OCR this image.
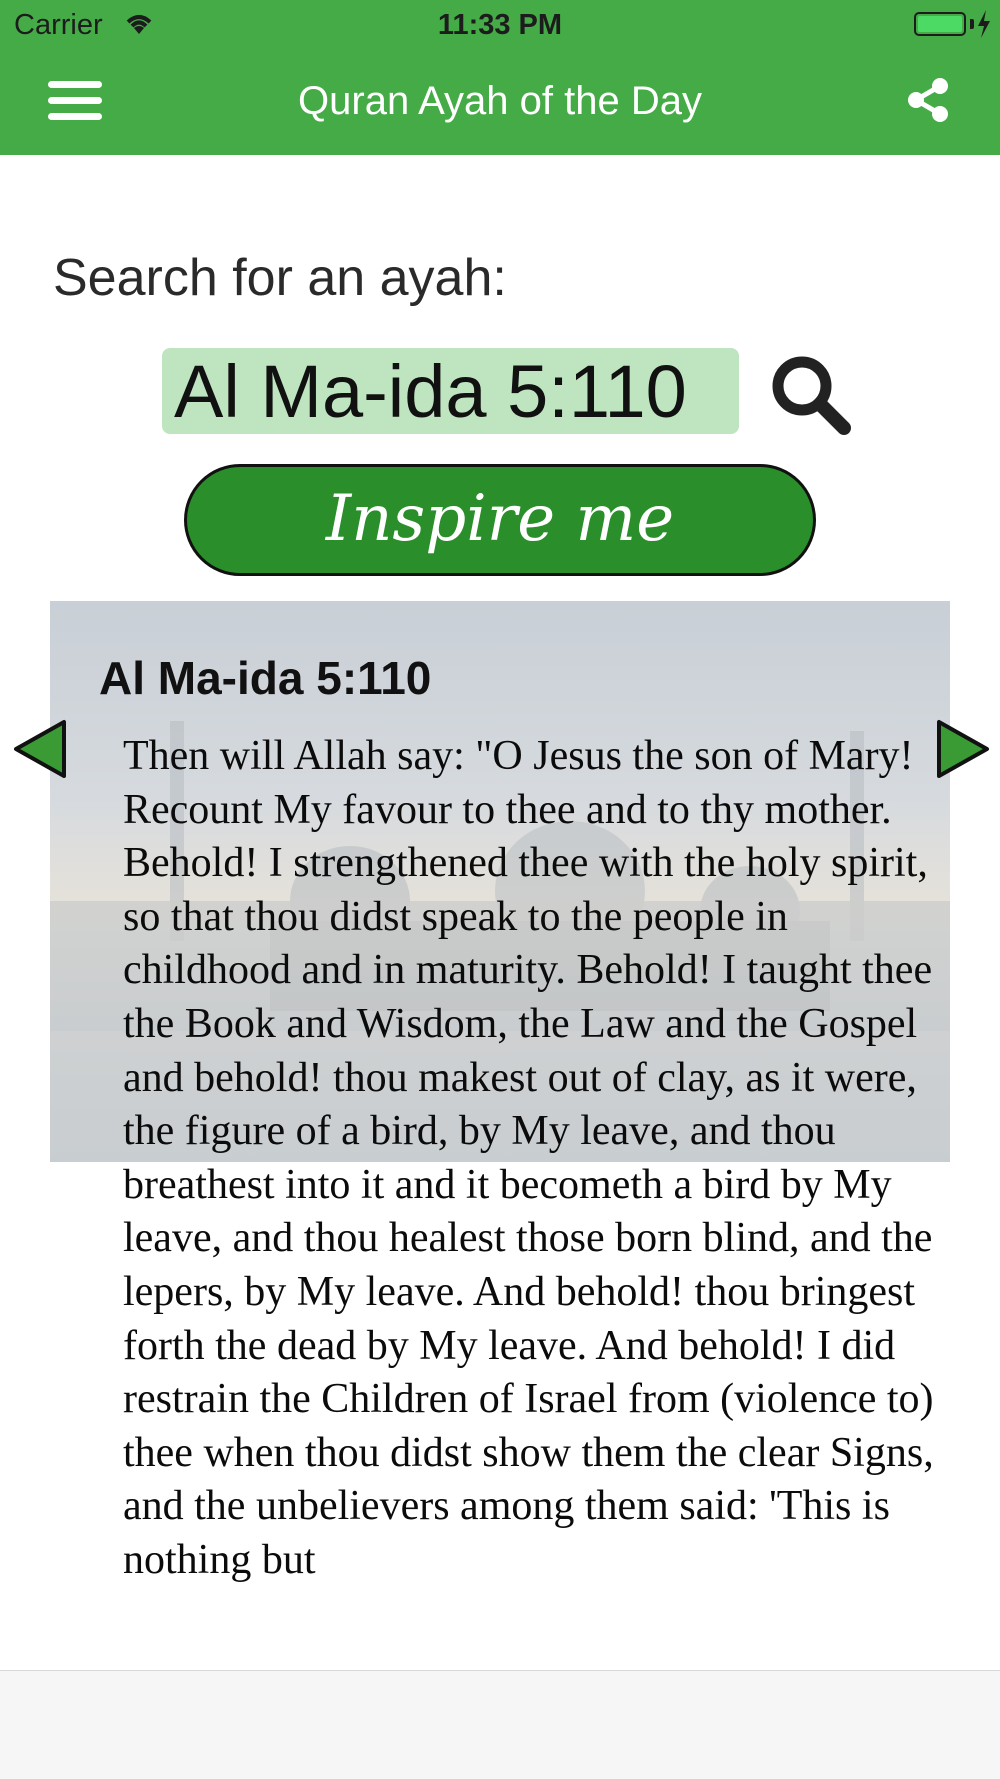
Carrier	11:33 PM
Quran Ayah of the Day
Search for an ayah:
Al Ma-ida 5:110
Inspire me
Al Ma-ida 5:110

Then will Allah say: "O Jesus the son of Mary! Recount My favour to thee and to thy mother. Behold! I strengthened thee with the holy spirit, so that thou didst speak to the people in childhood and in maturity. Behold! I taught thee the Book and Wisdom, the Law and the Gospel and behold! thou makest out of clay, as it were, the figure of a bird, by My leave, and thou breathest into it and it becometh a bird by My leave, and thou healest those born blind, and the lepers, by My leave. And behold! thou bringest forth the dead by My leave. And behold! I did restrain the Children of Israel from (violence to) thee when thou didst show them the clear Signs, and the unbelievers among them said: 'This is nothing but
